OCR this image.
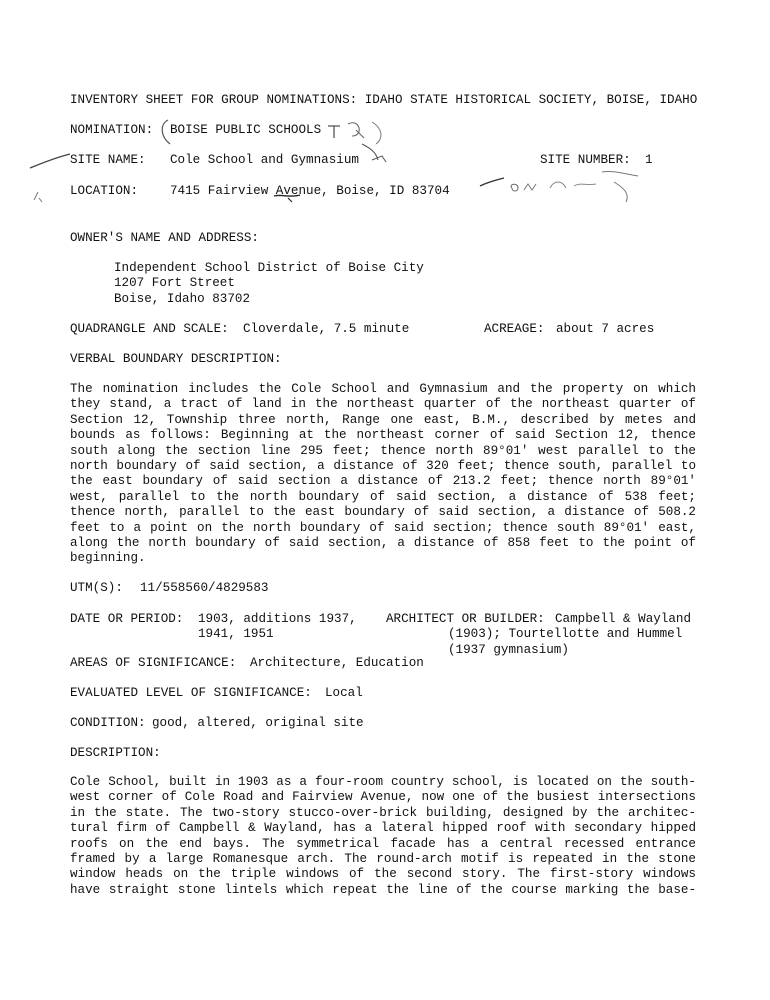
INVENTORY SHEET FOR GROUP NOMINATIONS: IDAHO STATE HISTORICAL SOCIETY, BOISE, IDAHO
NOMINATION: BOISE PUBLIC SCHOOLS
SITE NAME: Cole School and Gymnasium	SITE NUMBER: 1
LOCATION:	7415 Fairview Avenue, Boise, ID 83704
OWNER'S NAME AND ADDRESS:
Independent School District of Boise City
1207 Fort Street
Boise, Idaho 83702
QUADRANGLE AND SCALE: Cloverdale, 7.5 minute	ACREAGE: about 7 acres
VERBAL BOUNDARY DESCRIPTION:
The nomination includes the Cole School and Gymnasium and the property on which
they stand, a tract of land in the northeast quarter of the northeast quarter of
Section 12, Township three north, Range one east, B.M., described by metes and
bounds as follows: Beginning at the northeast corner of said Section 12, thence
south along the section line 295 feet; thence north 89°01' west parallel to the
north boundary of said section, a distance of 320 feet; thence south, parallel to
the east boundary of said section a distance of 213.2 feet; thence north 89°01'
west, parallel to the north boundary of said section, a distance of 538 feet;
thence north, parallel to the east boundary of said section, a distance of 508.2
feet to a point on the north boundary of said section; thence south 89°01' east,
along the north boundary of said section, a distance of 858 feet to the point of
beginning.
UTM(S): 11/558560/4829583
DATE OR PERIOD: 1903, additions 1937,
1941, 1951
ARCHITECT OR BUILDER: Campbell & Wayland
(1903); Tourtellotte and Hummel
(1937 gymnasium)
AREAS OF SIGNIFICANCE: Architecture, Education
EVALUATED LEVEL OF SIGNIFICANCE: Local
CONDITION: good, altered, original site
DESCRIPTION:
Cole School, built in 1903 as a four-room country school, is located on the south-
west corner of Cole Road and Fairview Avenue, now one of the busiest intersections
in the state. The two-story stucco-over-brick building, designed by the architec-
tural firm of Campbell & Wayland, has a lateral hipped roof with secondary hipped
roofs on the end bays. The symmetrical facade has a central recessed entrance
framed by a large Romanesque arch. The round-arch motif is repeated in the stone
window heads on the triple windows of the second story. The first-story windows
have straight stone lintels which repeat the line of the course marking the base-
